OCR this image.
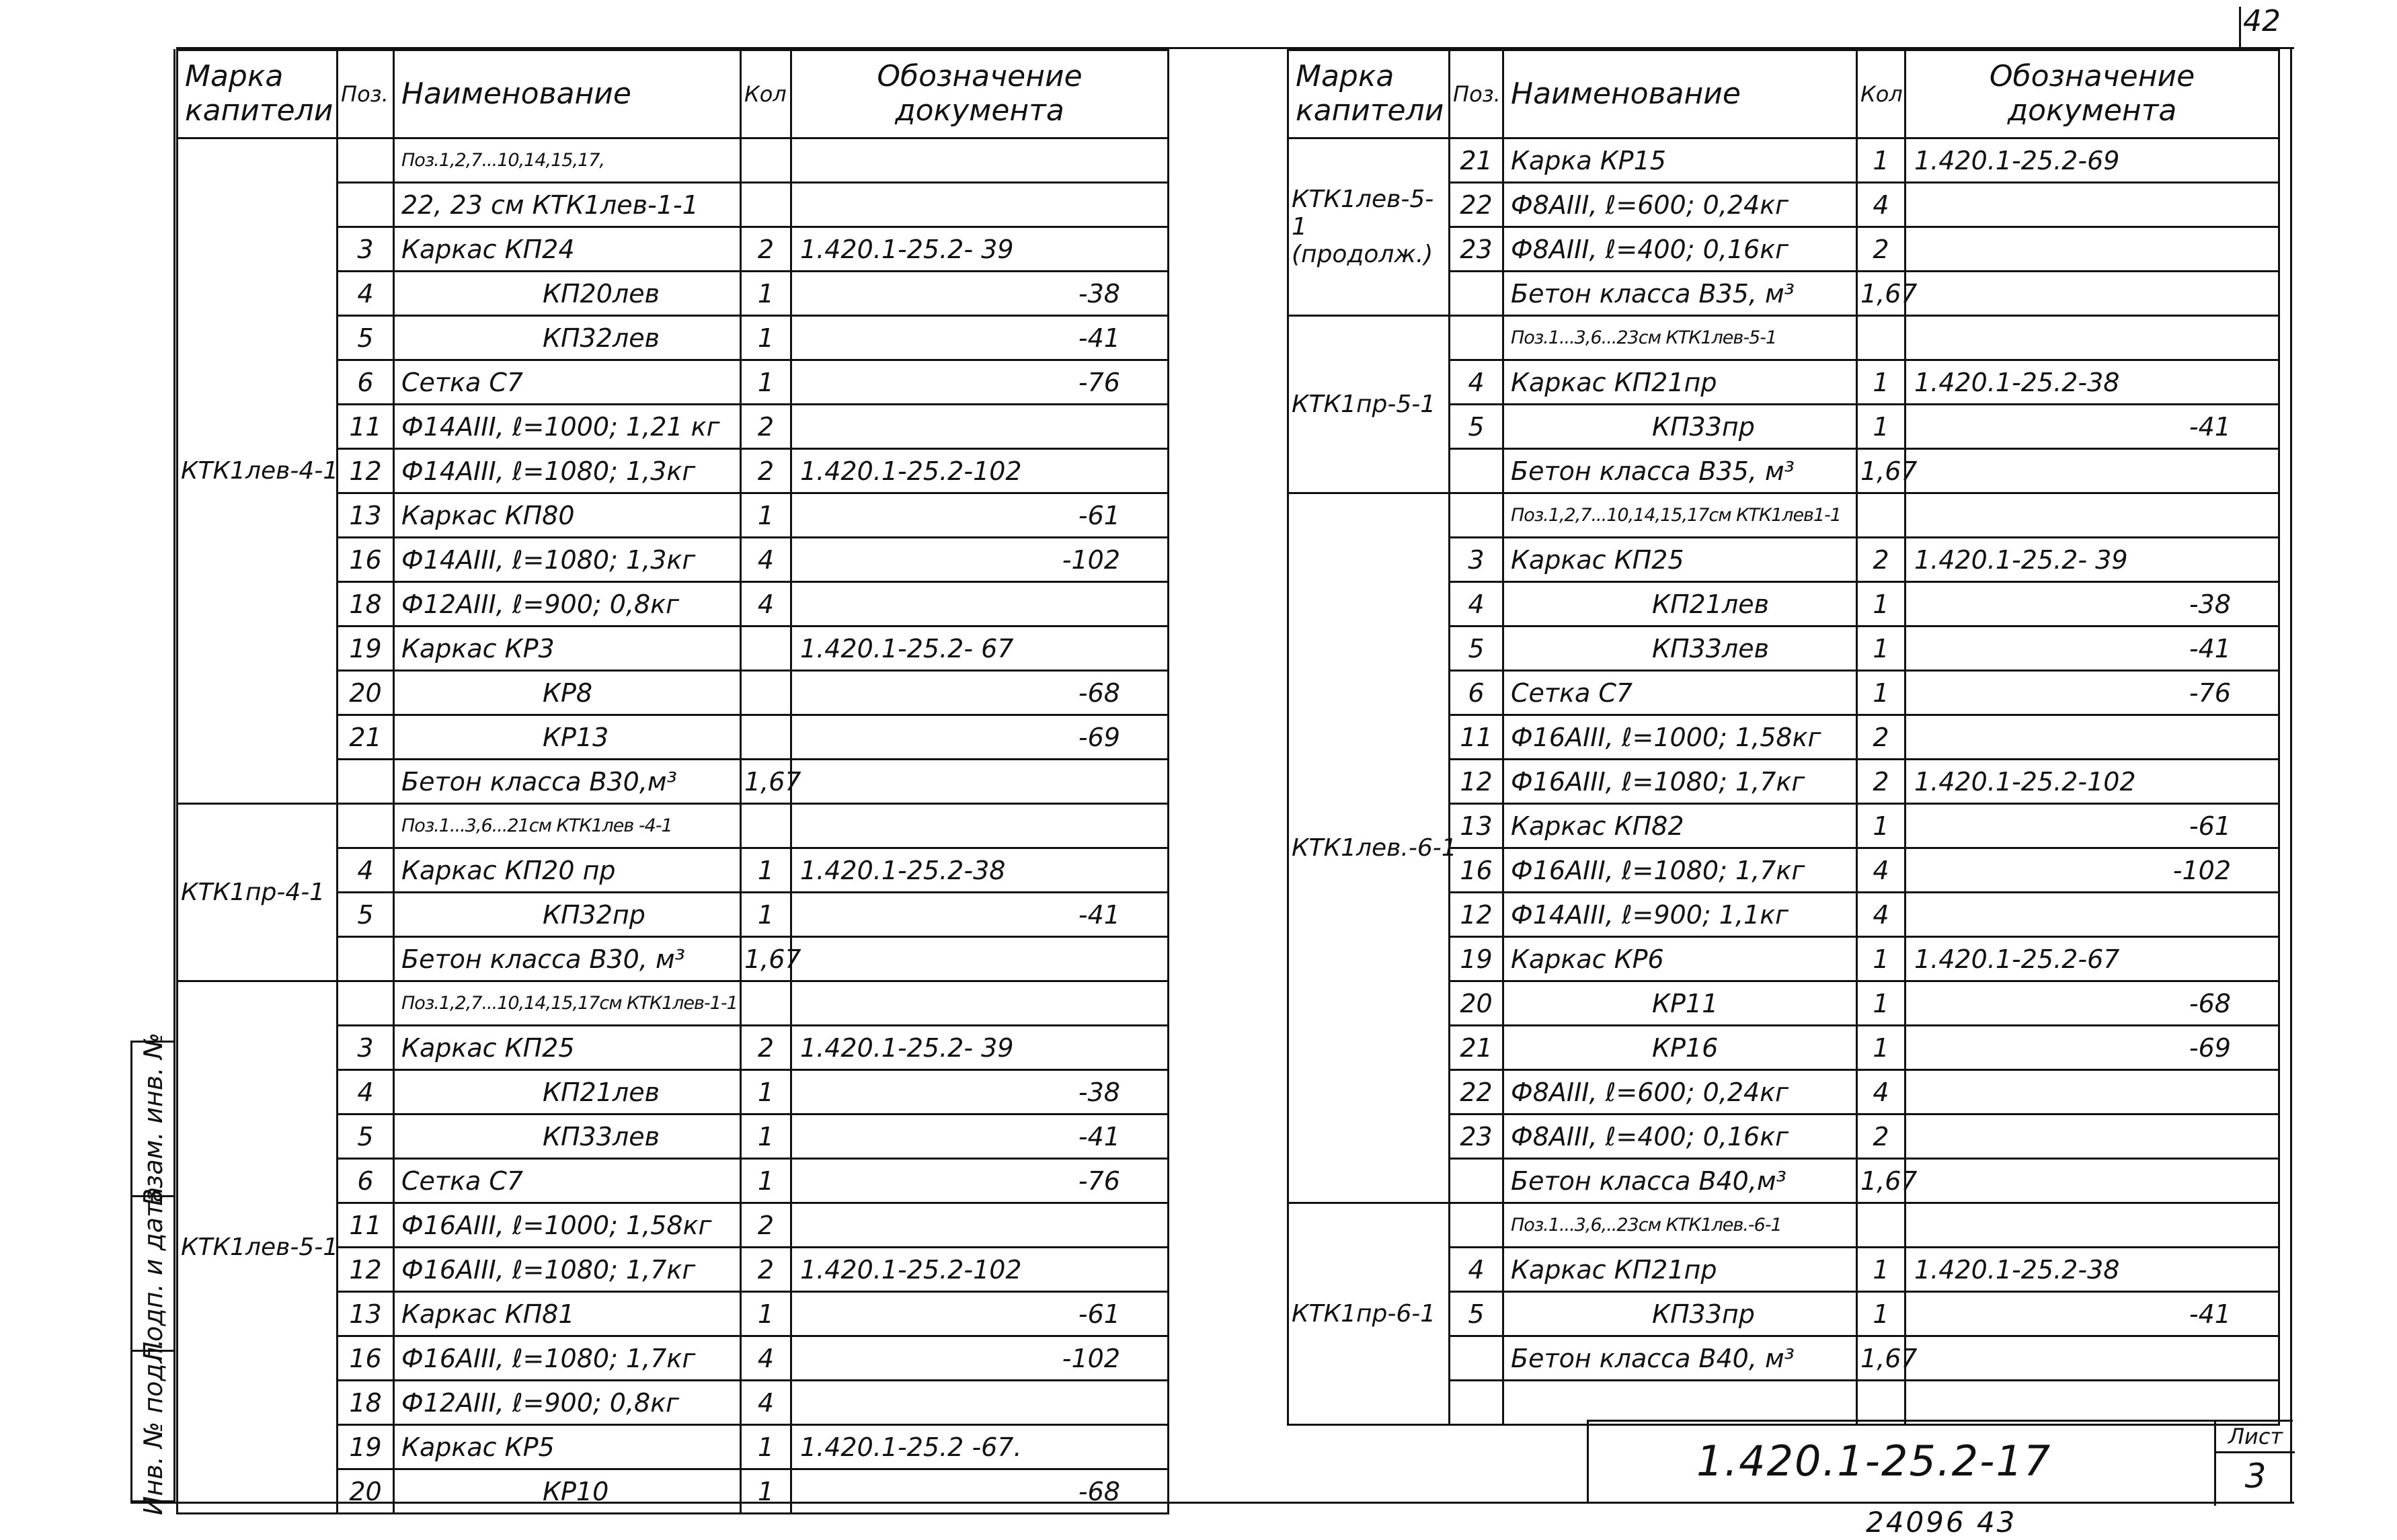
42
Марка капители	Поз.	Наименование	Кол	Обозначение документа
КТК1лев-4-1		Поз.1,2,7...10,14,15,17,		
		22, 23 см КТК1лев-1-1		
	3	Каркас КП24	2	1.420.1-25.2- 39
	4	КП20лев	1	-38
	5	КП32лев	1	-41
	6	Сетка С7	1	-76
	11	Ф14АIII, ℓ=1000; 1,21 кг	2	
	12	Ф14АIII, ℓ=1080; 1,3кг	2	1.420.1-25.2-102
	13	Каркас КП80	1	-61
	16	Ф14АIII, ℓ=1080; 1,3кг	4	-102
	18	Ф12АIII, ℓ=900; 0,8кг	4	
	19	Каркас КР3		1.420.1-25.2- 67
	20	КР8		-68
	21	КР13		-69
		Бетон класса В30,м³	1,67	
КТК1пр-4-1		Поз.1...3,6...21см КТК1лев -4-1		
	4	Каркас КП20 пр	1	1.420.1-25.2-38
	5	КП32пр	1	-41
		Бетон класса В30, м³	1,67	
КТК1лев-5-1		Поз.1,2,7...10,14,15,17см КТК1лев-1-1		
	3	Каркас КП25	2	1.420.1-25.2- 39
	4	КП21лев	1	-38
	5	КП33лев	1	-41
	6	Сетка С7	1	-76
	11	Ф16АIII, ℓ=1000; 1,58кг	2	
	12	Ф16АIII, ℓ=1080; 1,7кг	2	1.420.1-25.2-102
	13	Каркас КП81	1	-61
	16	Ф16АIII, ℓ=1080; 1,7кг	4	-102
	18	Ф12АIII, ℓ=900; 0,8кг	4	
	19	Каркас КР5	1	1.420.1-25.2 -67.
	20	КР10	1	-68
Марка капители	Поз.	Наименование	Кол	Обозначение документа
КТК1лев-5-1 (продолж.)	21	Карка КР15	1	1.420.1-25.2-69
	22	Ф8АIII, ℓ=600; 0,24кг	4	
	23	Ф8АIII, ℓ=400; 0,16кг	2	
		Бетон класса В35, м³	1,67	
КТК1пр-5-1		Поз.1...3,6...23см КТК1лев-5-1		
	4	Каркас КП21пр	1	1.420.1-25.2-38
	5	КП33пр	1	-41
		Бетон класса В35, м³	1,67	
КТК1лев.-6-1		Поз.1,2,7...10,14,15,17см КТК1лев1-1		
	3	Каркас КП25	2	1.420.1-25.2- 39
	4	КП21лев	1	-38
	5	КП33лев	1	-41
	6	Сетка С7	1	-76
	11	Ф16АIII, ℓ=1000; 1,58кг	2	
	12	Ф16АIII, ℓ=1080; 1,7кг	2	1.420.1-25.2-102
	13	Каркас КП82	1	-61
	16	Ф16АIII, ℓ=1080; 1,7кг	4	-102
	12	Ф14АIII, ℓ=900; 1,1кг	4	
	19	Каркас КР6	1	1.420.1-25.2-67
	20	КР11	1	-68
	21	КР16	1	-69
	22	Ф8АIII, ℓ=600; 0,24кг	4	
	23	Ф8АIII, ℓ=400; 0,16кг	2	
		Бетон класса В40,м³	1,67	
КТК1пр-6-1		Поз.1...3,6,..23см КТК1лев.-6-1		
	4	Каркас КП21пр	1	1.420.1-25.2-38
	5	КП33пр	1	-41
		Бетон класса В40, м³	1,67	

Взам. инв. №
Подп. и дата
Инв. № подл.	1.420.1-25.2-17	Лист
3
24096 43
